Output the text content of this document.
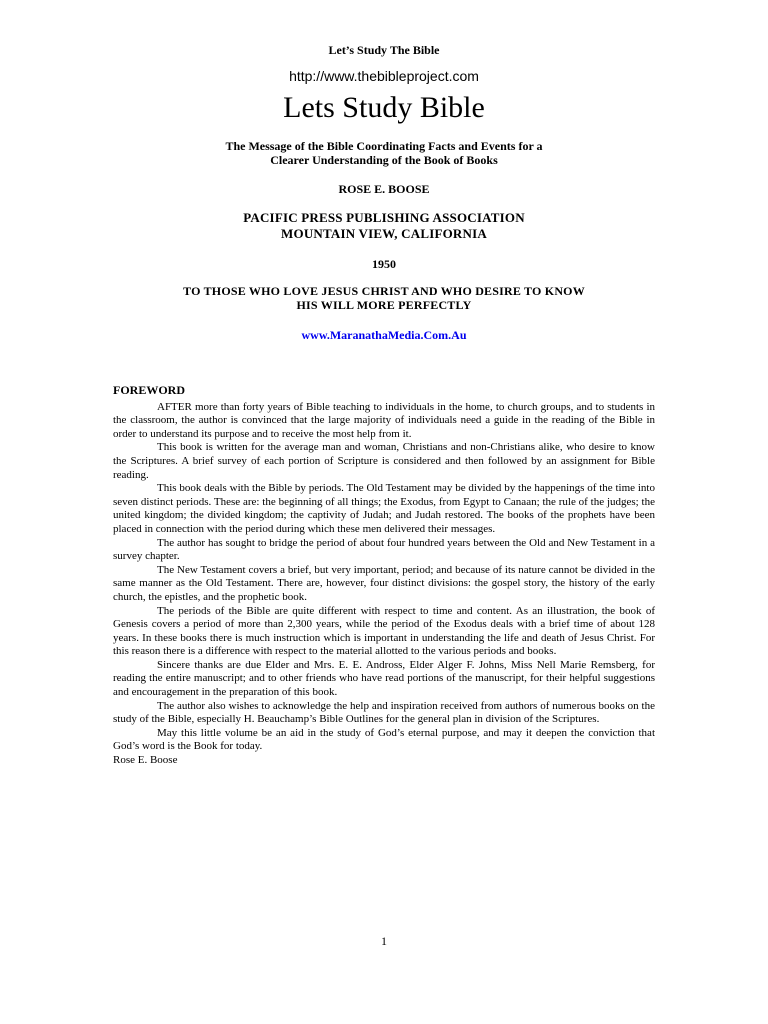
Let’s Study The Bible
http://www.thebibleproject.com
Lets Study Bible
The Message of the Bible Coordinating Facts and Events for a
Clearer Understanding of the Book of Books
ROSE E. BOOSE
PACIFIC PRESS PUBLISHING ASSOCIATION
MOUNTAIN VIEW, CALIFORNIA
1950
TO THOSE WHO LOVE JESUS CHRIST AND WHO DESIRE TO KNOW
HIS WILL MORE PERFECTLY
www.MaranathaMedia.Com.Au
FOREWORD

AFTER more than forty years of Bible teaching to individuals in the home, to church groups, and to students in the classroom, the author is convinced that the large majority of individuals need a guide in the reading of the Bible in order to understand its purpose and to receive the most help from it.

This book is written for the average man and woman, Christians and non-Christians alike, who desire to know the Scriptures. A brief survey of each portion of Scripture is considered and then followed by an assignment for Bible reading.

This book deals with the Bible by periods. The Old Testament may be divided by the happenings of the time into seven distinct periods. These are: the beginning of all things; the Exodus, from Egypt to Canaan; the rule of the judges; the united kingdom; the divided kingdom; the captivity of Judah; and Judah restored. The books of the prophets have been placed in connection with the period during which these men delivered their messages.

The author has sought to bridge the period of about four hundred years between the Old and New Testament in a survey chapter.

The New Testament covers a brief, but very important, period; and because of its nature cannot be divided in the same manner as the Old Testament. There are, however, four distinct divisions: the gospel story, the history of the early church, the epistles, and the prophetic book.

The periods of the Bible are quite different with respect to time and content. As an illustration, the book of Genesis covers a period of more than 2,300 years, while the period of the Exodus deals with a brief time of about 128 years. In these books there is much instruction which is important in understanding the life and death of Jesus Christ. For this reason there is a difference with respect to the material allotted to the various periods and books.

Sincere thanks are due Elder and Mrs. E. E. Andross, Elder Alger F. Johns, Miss Nell Marie Remsberg, for reading the entire manuscript; and to other friends who have read portions of the manuscript, for their helpful suggestions and encouragement in the preparation of this book.

The author also wishes to acknowledge the help and inspiration received from authors of numerous books on the study of the Bible, especially H. Beauchamp’s Bible Outlines for the general plan in division of the Scriptures.

May this little volume be an aid in the study of God’s eternal purpose, and may it deepen the conviction that God’s word is the Book for today.

Rose E. Boose

1
